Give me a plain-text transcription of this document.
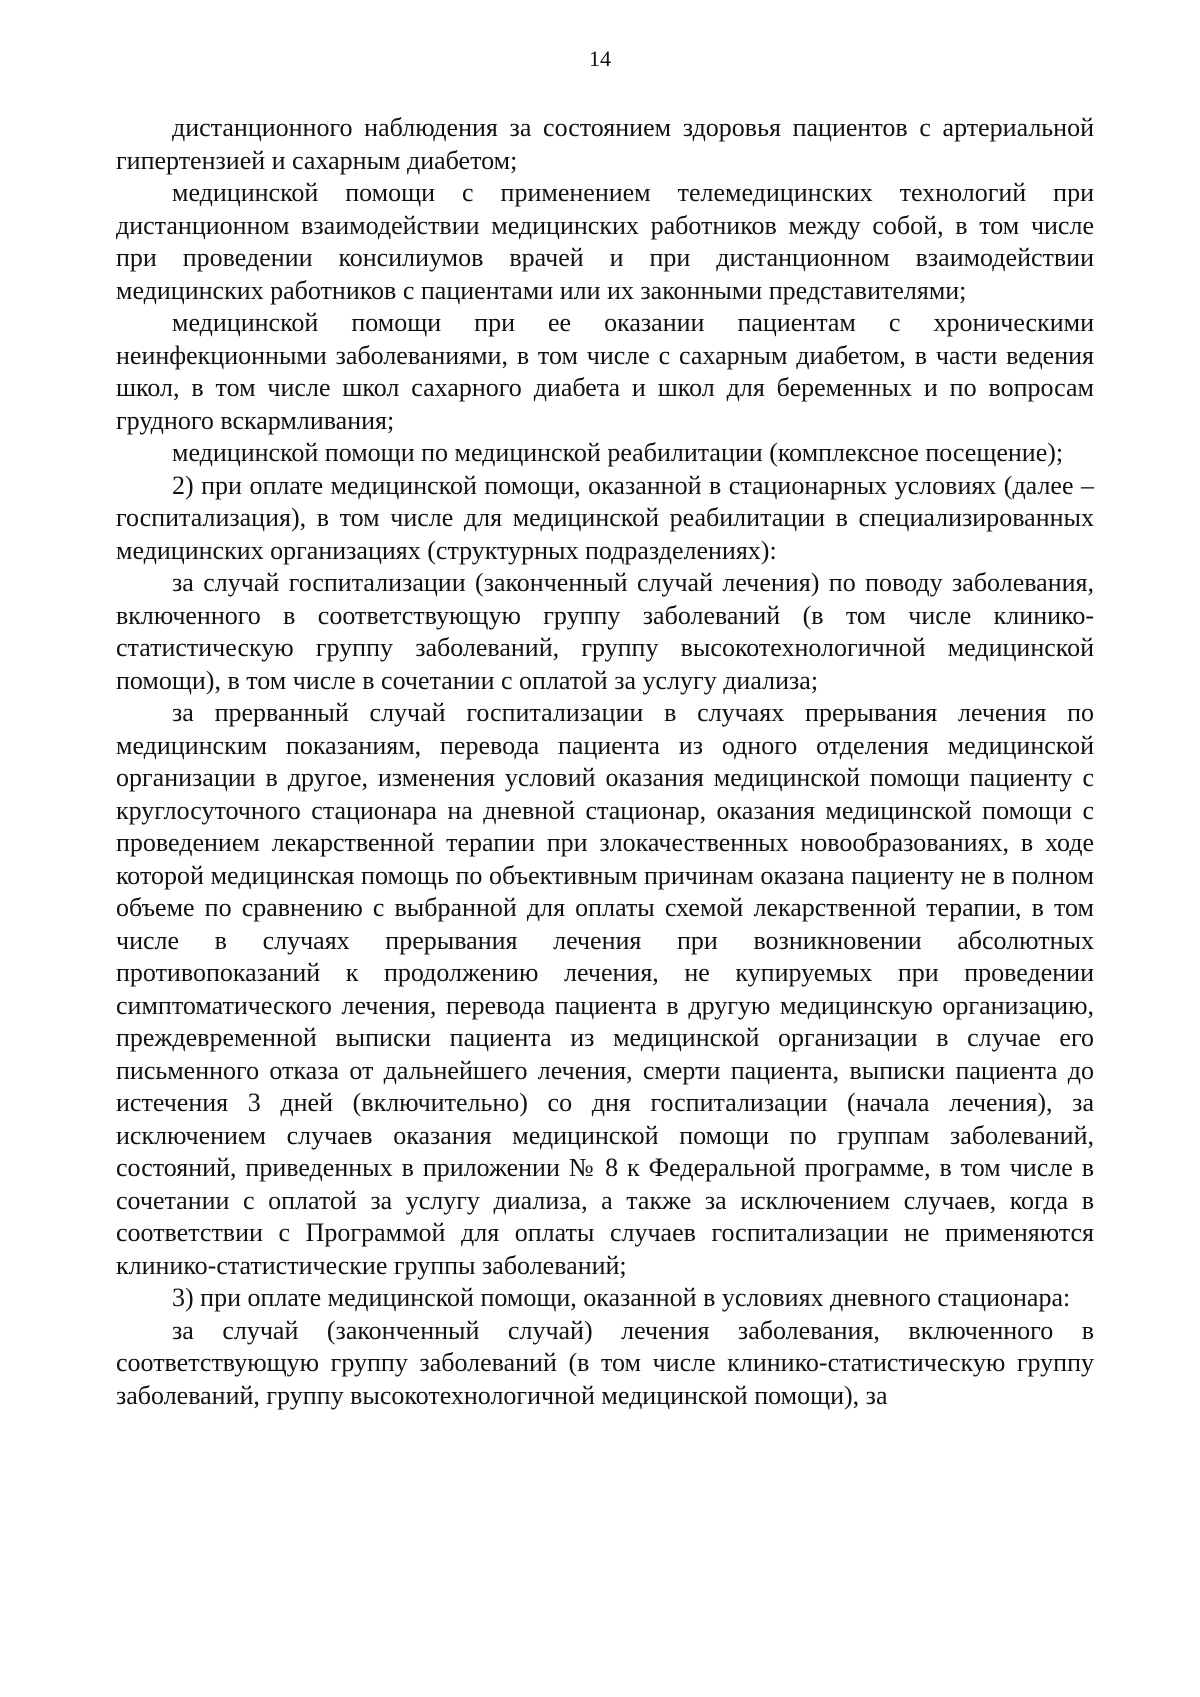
14

дистанционного наблюдения за состоянием здоровья пациентов с артериальной гипертензией и сахарным диабетом;

медицинской помощи с применением телемедицинских технологий при дистанционном взаимодействии медицинских работников между собой, в том числе при проведении консилиумов врачей и при дистанционном взаимодействии медицинских работников с пациентами или их законными представителями;

медицинской помощи при ее оказании пациентам с хроническими неинфекционными заболеваниями, в том числе с сахарным диабетом, в части ведения школ, в том числе школ сахарного диабета и школ для беременных и по вопросам грудного вскармливания;

медицинской помощи по медицинской реабилитации (комплексное посещение);

2) при оплате медицинской помощи, оказанной в стационарных условиях (далее – госпитализация), в том числе для медицинской реабилитации в специализированных медицинских организациях (структурных подразделениях):

за случай госпитализации (законченный случай лечения) по поводу заболевания, включенного в соответствующую группу заболеваний (в том числе клинико-статистическую группу заболеваний, группу высокотехнологичной медицинской помощи), в том числе в сочетании с оплатой за услугу диализа;

за прерванный случай госпитализации в случаях прерывания лечения по медицинским показаниям, перевода пациента из одного отделения медицинской организации в другое, изменения условий оказания медицинской помощи пациенту с круглосуточного стационара на дневной стационар, оказания медицинской помощи с проведением лекарственной терапии при злокачественных новообразованиях, в ходе которой медицинская помощь по объективным причинам оказана пациенту не в полном объеме по сравнению с выбранной для оплаты схемой лекарственной терапии, в том числе в случаях прерывания лечения при возникновении абсолютных противопоказаний к продолжению лечения, не купируемых при проведении симптоматического лечения, перевода пациента в другую медицинскую организацию, преждевременной выписки пациента из медицинской организации в случае его письменного отказа от дальнейшего лечения, смерти пациента, выписки пациента до истечения 3 дней (включительно) со дня госпитализации (начала лечения), за исключением случаев оказания медицинской помощи по группам заболеваний, состояний, приведенных в приложении № 8 к Федеральной программе, в том числе в сочетании с оплатой за услугу диализа, а также за исключением случаев, когда в соответствии с Программой для оплаты случаев госпитализации не применяются клинико-статистические группы заболеваний;

3) при оплате медицинской помощи, оказанной в условиях дневного стационара:

за случай (законченный случай) лечения заболевания, включенного в соответствующую группу заболеваний (в том числе клинико-статистическую группу заболеваний, группу высокотехнологичной медицинской помощи), за
